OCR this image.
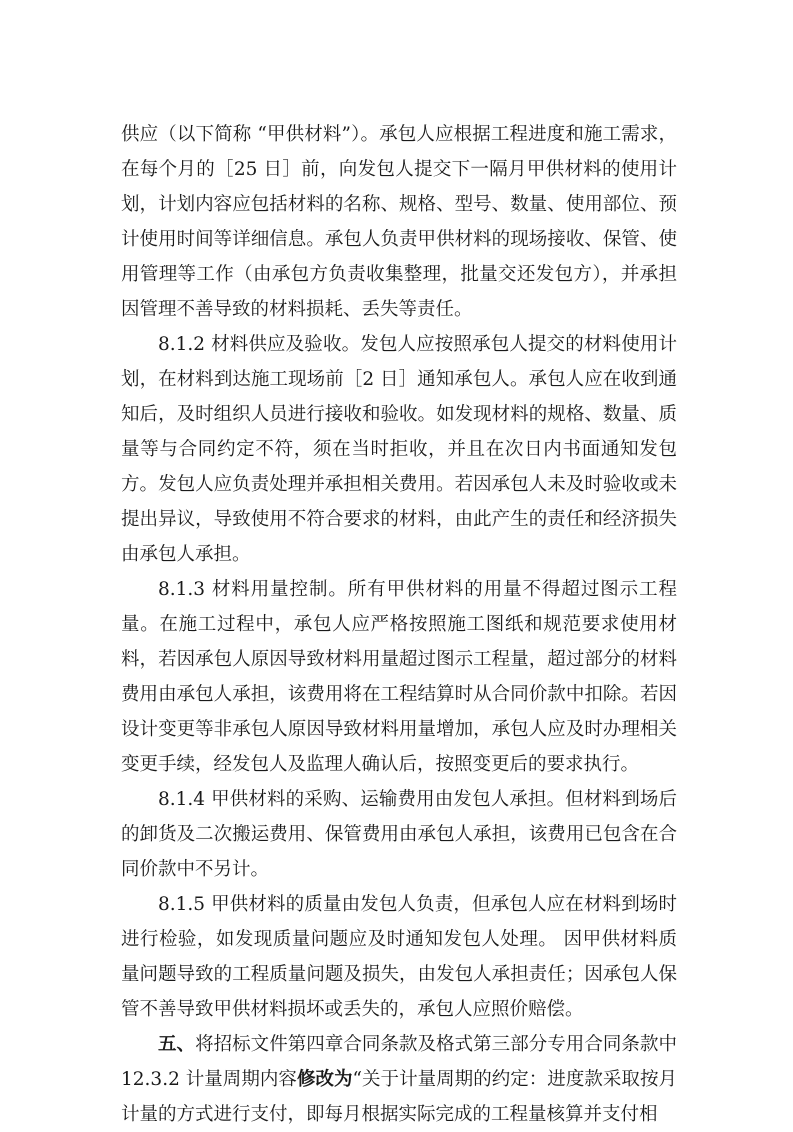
供应（以下简称 “甲供材料”）。承包人应根据工程进度和施工需求，在每个月的［25 日］前，向发包人提交下一隔月甲供材料的使用计划，计划内容应包括材料的名称、规格、型号、数量、使用部位、预计使用时间等详细信息。承包人负责甲供材料的现场接收、保管、使用管理等工作（由承包方负责收集整理，批量交还发包方），并承担因管理不善导致的材料损耗、丢失等责任。

8.1.2 材料供应及验收。发包人应按照承包人提交的材料使用计划，在材料到达施工现场前［2 日］通知承包人。承包人应在收到通知后，及时组织人员进行接收和验收。如发现材料的规格、数量、质量等与合同约定不符，须在当时拒收，并且在次日内书面通知发包方。发包人应负责处理并承担相关费用。若因承包人未及时验收或未提出异议，导致使用不符合要求的材料，由此产生的责任和经济损失由承包人承担。

8.1.3 材料用量控制。所有甲供材料的用量不得超过图示工程量。在施工过程中，承包人应严格按照施工图纸和规范要求使用材料，若因承包人原因导致材料用量超过图示工程量，超过部分的材料费用由承包人承担，该费用将在工程结算时从合同价款中扣除。若因设计变更等非承包人原因导致材料用量增加，承包人应及时办理相关变更手续，经发包人及监理人确认后，按照变更后的要求执行。

8.1.4 甲供材料的采购、运输费用由发包人承担。但材料到场后的卸货及二次搬运费用、保管费用由承包人承担，该费用已包含在合同价款中不另计。

8.1.5 甲供材料的质量由发包人负责，但承包人应在材料到场时进行检验，如发现质量问题应及时通知发包人处理。 因甲供材料质量问题导致的工程质量问题及损失，由发包人承担责任；因承包人保管不善导致甲供材料损坏或丢失的，承包人应照价赔偿。

五、将招标文件第四章合同条款及格式第三部分专用合同条款中 12.3.2 计量周期内容修改为“关于计量周期的约定：进度款采取按月计量的方式进行支付，即每月根据实际完成的工程量核算并支付相
